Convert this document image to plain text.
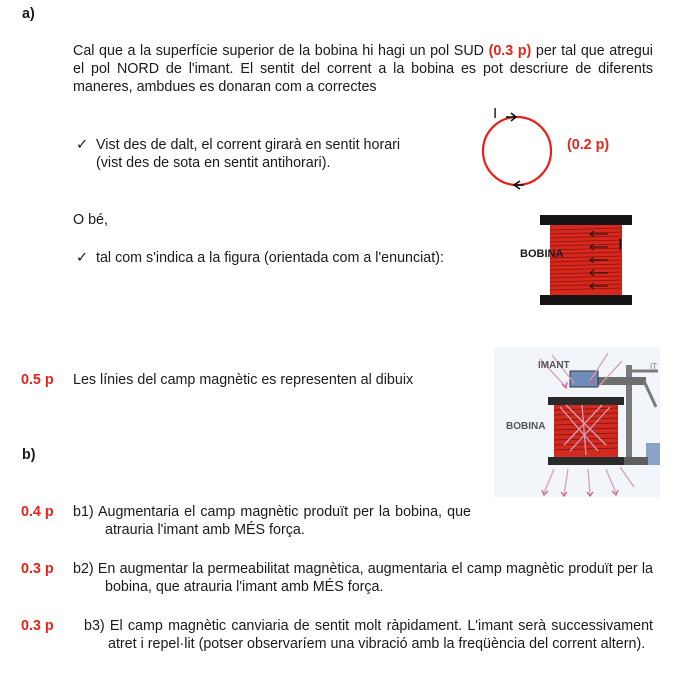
a)
Cal que a la superfície superior de la bobina hi hagi un pol SUD (0.3 p) per tal que atregui el pol NORD de l'imant. El sentit del corrent a la bobina es pot descriure de diferents maneres, ambdues es donaran com a correctes
✓ Vist des de dalt, el corrent girarà en sentit horari
(vist des de sota en sentit antihorari).
I
(0.2 p)
O bé,
✓ tal com s'indica a la figura (orientada com a l'enunciat):	BOBINA	I
0.5 p Les línies del camp magnètic es representen al dibuix
IMANT
BOBINA
IT
b)
0.4 p b1) Augmentaria el camp magnètic produït per la bobina, que atrauria l'imant amb MÉS força.
0.3 p b2) En augmentar la permeabilitat magnètica, augmentaria el camp magnètic produït per la bobina, que atrauria l'imant amb MÉS força.
0.3 p b3) El camp magnètic canviaria de sentit molt ràpidament. L'imant serà successivament atret i repel·lit (potser observaríem una vibració amb la freqüència del corrent altern).
